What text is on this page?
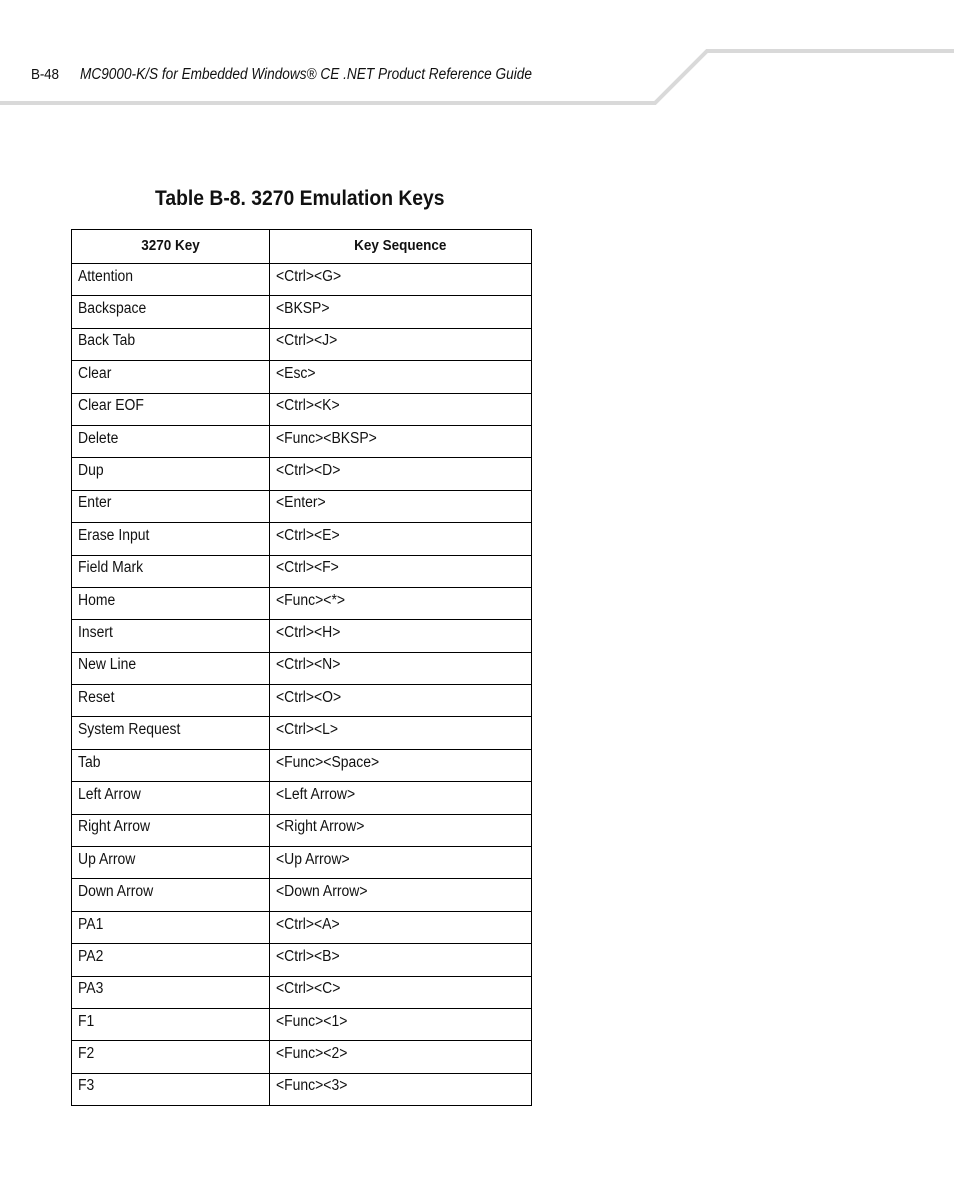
B-48 MC9000-K/S for Embedded Windows® CE .NET Product Reference Guide
Table B-8. 3270 Emulation Keys
3270 Key	Key Sequence
Attention	<Ctrl><G>
Backspace	<BKSP>
Back Tab	<Ctrl><J>
Clear	<Esc>
Clear EOF	<Ctrl><K>
Delete	<Func><BKSP>
Dup	<Ctrl><D>
Enter	<Enter>
Erase Input	<Ctrl><E>
Field Mark	<Ctrl><F>
Home	<Func><*>
Insert	<Ctrl><H>
New Line	<Ctrl><N>
Reset	<Ctrl><O>
System Request	<Ctrl><L>
Tab	<Func><Space>
Left Arrow	<Left Arrow>
Right Arrow	<Right Arrow>
Up Arrow	<Up Arrow>
Down Arrow	<Down Arrow>
PA1	<Ctrl><A>
PA2	<Ctrl><B>
PA3	<Ctrl><C>
F1	<Func><1>
F2	<Func><2>
F3	<Func><3>
